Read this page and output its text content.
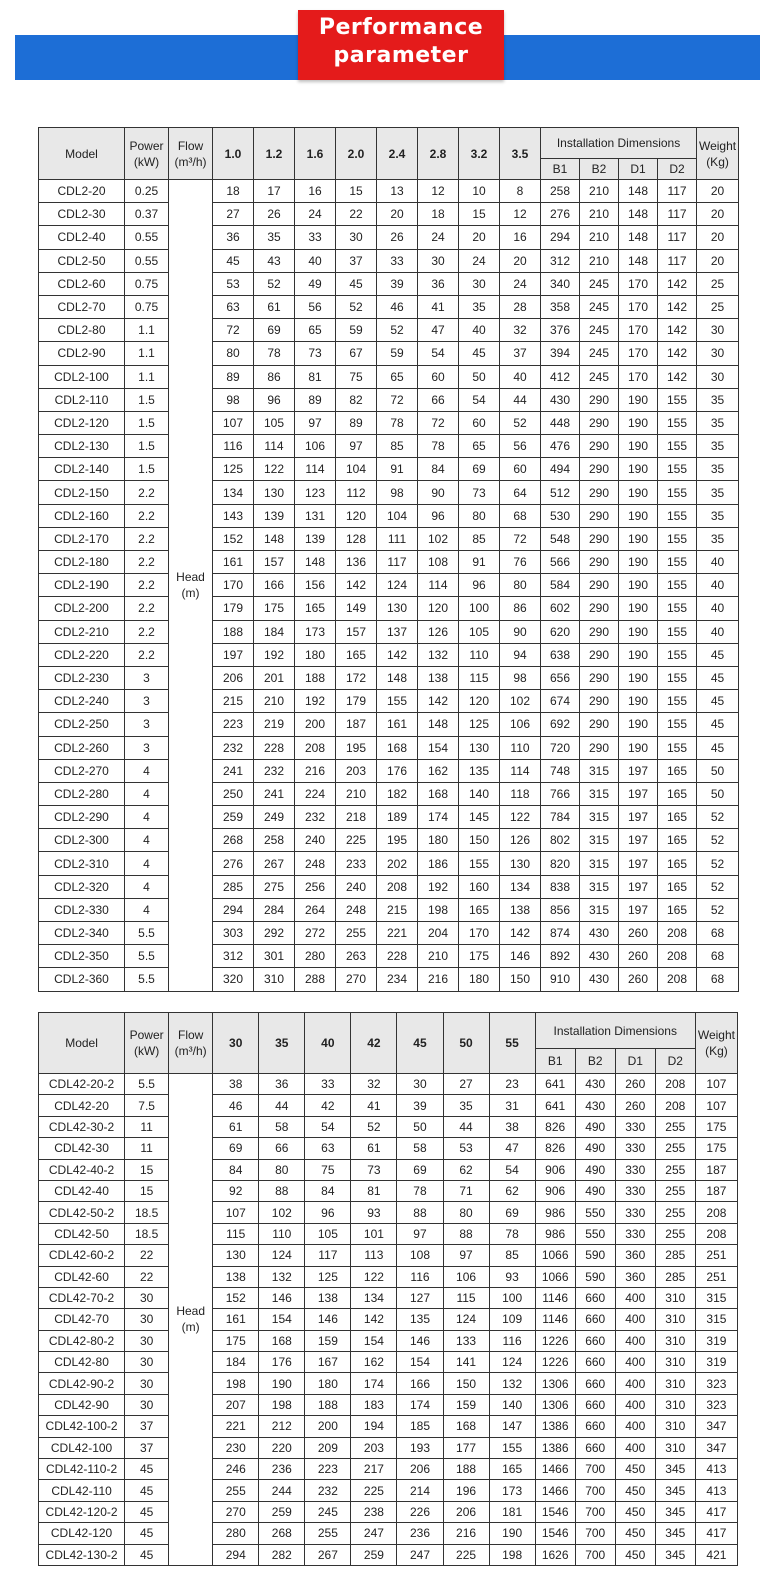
Performance
parameter
Model	Power (kW)	Flow (m³/h)	1.0	1.2	1.6	2.0	2.4	2.8	3.2	3.5	Installation Dimensions				Weight (Kg)
											B1	B2	D1	D2	
CDL2-20	0.25	Head (m)	18	17	16	15	13	12	10	8	258	210	148	117	20
CDL2-30	0.37		27	26	24	22	20	18	15	12	276	210	148	117	20
CDL2-40	0.55		36	35	33	30	26	24	20	16	294	210	148	117	20
CDL2-50	0.55		45	43	40	37	33	30	24	20	312	210	148	117	20
CDL2-60	0.75		53	52	49	45	39	36	30	24	340	245	170	142	25
CDL2-70	0.75		63	61	56	52	46	41	35	28	358	245	170	142	25
CDL2-80	1.1		72	69	65	59	52	47	40	32	376	245	170	142	30
CDL2-90	1.1		80	78	73	67	59	54	45	37	394	245	170	142	30
CDL2-100	1.1		89	86	81	75	65	60	50	40	412	245	170	142	30
CDL2-110	1.5		98	96	89	82	72	66	54	44	430	290	190	155	35
CDL2-120	1.5		107	105	97	89	78	72	60	52	448	290	190	155	35
CDL2-130	1.5		116	114	106	97	85	78	65	56	476	290	190	155	35
CDL2-140	1.5		125	122	114	104	91	84	69	60	494	290	190	155	35
CDL2-150	2.2		134	130	123	112	98	90	73	64	512	290	190	155	35
CDL2-160	2.2		143	139	131	120	104	96	80	68	530	290	190	155	35
CDL2-170	2.2		152	148	139	128	111	102	85	72	548	290	190	155	35
CDL2-180	2.2		161	157	148	136	117	108	91	76	566	290	190	155	40
CDL2-190	2.2		170	166	156	142	124	114	96	80	584	290	190	155	40
CDL2-200	2.2		179	175	165	149	130	120	100	86	602	290	190	155	40
CDL2-210	2.2		188	184	173	157	137	126	105	90	620	290	190	155	40
CDL2-220	2.2		197	192	180	165	142	132	110	94	638	290	190	155	45
CDL2-230	3		206	201	188	172	148	138	115	98	656	290	190	155	45
CDL2-240	3		215	210	192	179	155	142	120	102	674	290	190	155	45
CDL2-250	3		223	219	200	187	161	148	125	106	692	290	190	155	45
CDL2-260	3		232	228	208	195	168	154	130	110	720	290	190	155	45
CDL2-270	4		241	232	216	203	176	162	135	114	748	315	197	165	50
CDL2-280	4		250	241	224	210	182	168	140	118	766	315	197	165	50
CDL2-290	4		259	249	232	218	189	174	145	122	784	315	197	165	52
CDL2-300	4		268	258	240	225	195	180	150	126	802	315	197	165	52
CDL2-310	4		276	267	248	233	202	186	155	130	820	315	197	165	52
CDL2-320	4		285	275	256	240	208	192	160	134	838	315	197	165	52
CDL2-330	4		294	284	264	248	215	198	165	138	856	315	197	165	52
CDL2-340	5.5		303	292	272	255	221	204	170	142	874	430	260	208	68
CDL2-350	5.5		312	301	280	263	228	210	175	146	892	430	260	208	68
CDL2-360	5.5		320	310	288	270	234	216	180	150	910	430	260	208	68
Model	Power (kW)	Flow (m³/h)	30	35	40	42	45	50	55	Installation Dimensions				Weight (Kg)
										B1	B2	D1	D2	
CDL42-20-2	5.5	Head (m)	38	36	33	32	30	27	23	641	430	260	208	107
CDL42-20	7.5		46	44	42	41	39	35	31	641	430	260	208	107
CDL42-30-2	11		61	58	54	52	50	44	38	826	490	330	255	175
CDL42-30	11		69	66	63	61	58	53	47	826	490	330	255	175
CDL42-40-2	15		84	80	75	73	69	62	54	906	490	330	255	187
CDL42-40	15		92	88	84	81	78	71	62	906	490	330	255	187
CDL42-50-2	18.5		107	102	96	93	88	80	69	986	550	330	255	208
CDL42-50	18.5		115	110	105	101	97	88	78	986	550	330	255	208
CDL42-60-2	22		130	124	117	113	108	97	85	1066	590	360	285	251
CDL42-60	22		138	132	125	122	116	106	93	1066	590	360	285	251
CDL42-70-2	30		152	146	138	134	127	115	100	1146	660	400	310	315
CDL42-70	30		161	154	146	142	135	124	109	1146	660	400	310	315
CDL42-80-2	30		175	168	159	154	146	133	116	1226	660	400	310	319
CDL42-80	30		184	176	167	162	154	141	124	1226	660	400	310	319
CDL42-90-2	30		198	190	180	174	166	150	132	1306	660	400	310	323
CDL42-90	30		207	198	188	183	174	159	140	1306	660	400	310	323
CDL42-100-2	37		221	212	200	194	185	168	147	1386	660	400	310	347
CDL42-100	37		230	220	209	203	193	177	155	1386	660	400	310	347
CDL42-110-2	45		246	236	223	217	206	188	165	1466	700	450	345	413
CDL42-110	45		255	244	232	225	214	196	173	1466	700	450	345	413
CDL42-120-2	45		270	259	245	238	226	206	181	1546	700	450	345	417
CDL42-120	45		280	268	255	247	236	216	190	1546	700	450	345	417
CDL42-130-2	45		294	282	267	259	247	225	198	1626	700	450	345	421
